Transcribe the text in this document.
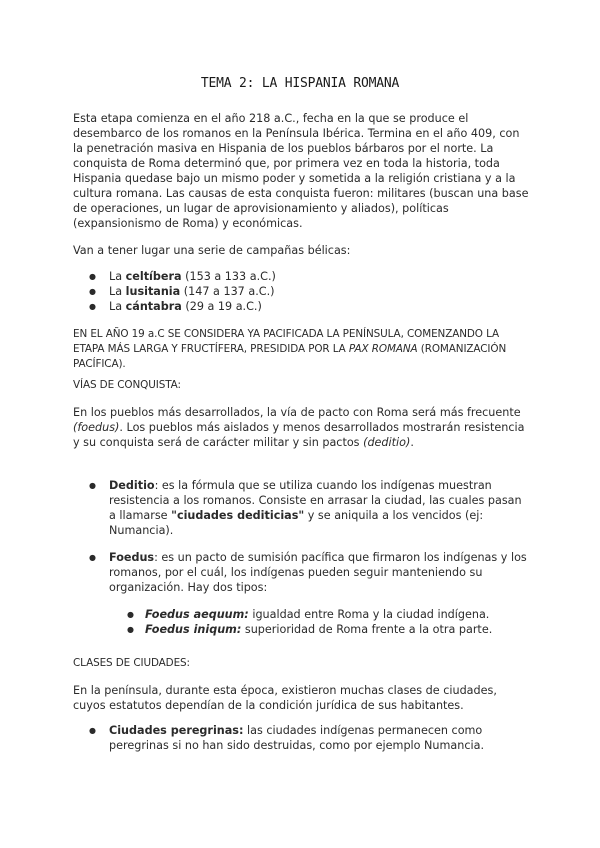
TEMA 2: LA HISPANIA ROMANA

Esta etapa comienza en el año 218 a.C., fecha en la que se produce el desembarco de los romanos en la Península Ibérica. Termina en el año 409, con la penetración masiva en Hispania de los pueblos bárbaros por el norte. La conquista de Roma determinó que, por primera vez en toda la historia, toda Hispania quedase bajo un mismo poder y sometida a la religión cristiana y a la cultura romana. Las causas de esta conquista fueron: militares (buscan una base de operaciones, un lugar de aprovisionamiento y aliados), políticas (expansionismo de Roma) y económicas.

Van a tener lugar una serie de campañas bélicas:

● La celtíbera (153 a 133 a.C.)
● La lusitania (147 a 137 a.C.)
● La cántabra (29 a 19 a.C.)

EN EL AÑO 19 a.C SE CONSIDERA YA PACIFICADA LA PENÍNSULA, COMENZANDO LA ETAPA MÁS LARGA Y FRUCTÍFERA, PRESIDIDA POR LA PAX ROMANA (ROMANIZACIÓN PACÍFICA).

VÍAS DE CONQUISTA:

En los pueblos más desarrollados, la vía de pacto con Roma será más frecuente (foedus). Los pueblos más aislados y menos desarrollados mostrarán resistencia y su conquista será de carácter militar y sin pactos (deditio).

● Deditio: es la fórmula que se utiliza cuando los indígenas muestran resistencia a los romanos. Consiste en arrasar la ciudad, las cuales pasan a llamarse "ciudades dediticias" y se aniquila a los vencidos (ej: Numancia).
● Foedus: es un pacto de sumisión pacífica que firmaron los indígenas y los romanos, por el cuál, los indígenas pueden seguir manteniendo su organización. Hay dos tipos:
● Foedus aequum: igualdad entre Roma y la ciudad indígena.
● Foedus iniqum: superioridad de Roma frente a la otra parte.

CLASES DE CIUDADES:

En la península, durante esta época, existieron muchas clases de ciudades, cuyos estatutos dependían de la condición jurídica de sus habitantes.

● Ciudades peregrinas: las ciudades indígenas permanecen como peregrinas si no han sido destruidas, como por ejemplo Numancia.
